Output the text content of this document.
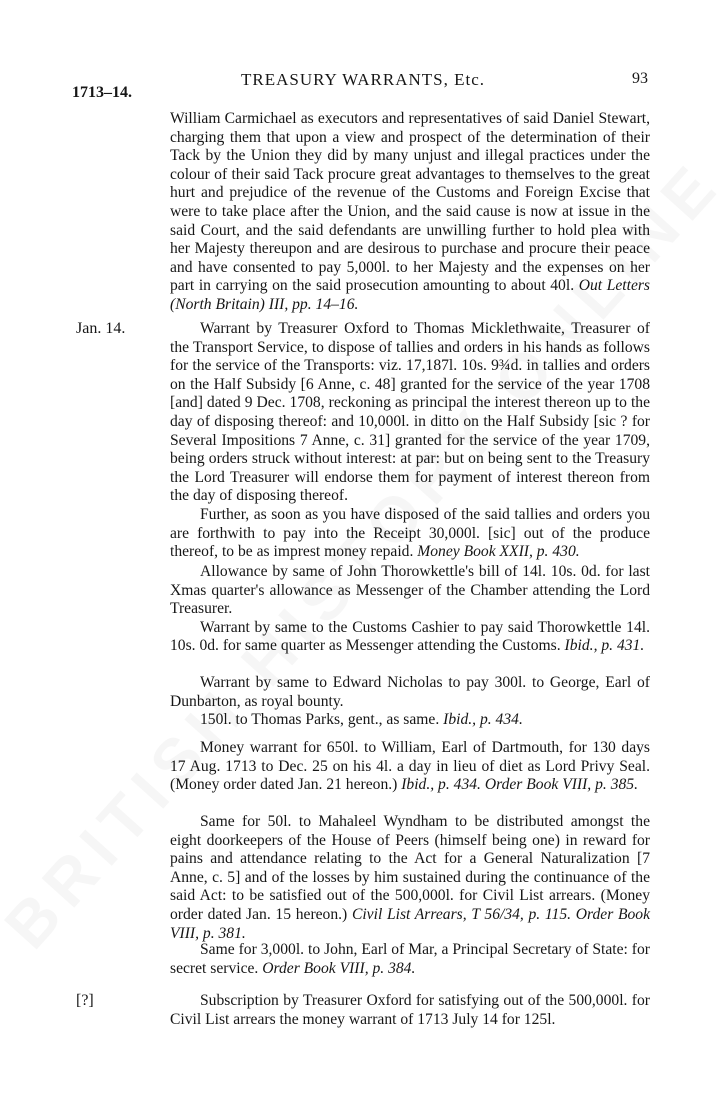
1713–14.
TREASURY WARRANTS, Etc.	93

William Carmichael as executors and representatives of said Daniel Stewart, charging them that upon a view and prospect of the determination of their Tack by the Union they did by many unjust and illegal practices under the colour of their said Tack procure great advantages to themselves to the great hurt and prejudice of the revenue of the Customs and Foreign Excise that were to take place after the Union, and the said cause is now at issue in the said Court, and the said defendants are unwilling further to hold plea with her Majesty thereupon and are desirous to purchase and procure their peace and have consented to pay 5,000l. to her Majesty and the expenses on her part in carrying on the said prosecution amounting to about 40l. Out Letters (North Britain) III, pp. 14–16.

Jan. 14.	Warrant by Treasurer Oxford to Thomas Micklethwaite, Treasurer of the Transport Service, to dispose of tallies and orders in his hands as follows for the service of the Transports: viz. 17,187l. 10s. 9¾d. in tallies and orders on the Half Subsidy [6 Anne, c. 48] granted for the service of the year 1708 [and] dated 9 Dec. 1708, reckoning as principal the interest thereon up to the day of disposing thereof: and 10,000l. in ditto on the Half Subsidy [sic ? for Several Impositions 7 Anne, c. 31] granted for the service of the year 1709, being orders struck without interest: at par: but on being sent to the Treasury the Lord Treasurer will endorse them for payment of interest thereon from the day of disposing thereof.

Further, as soon as you have disposed of the said tallies and orders you are forthwith to pay into the Receipt 30,000l. [sic] out of the produce thereof, to be as imprest money repaid. Money Book XXII, p. 430.

Allowance by same of John Thorowkettle's bill of 14l. 10s. 0d. for last Xmas quarter's allowance as Messenger of the Chamber attending the Lord Treasurer.

Warrant by same to the Customs Cashier to pay said Thorowkettle 14l. 10s. 0d. for same quarter as Messenger attending the Customs. Ibid., p. 431.

Warrant by same to Edward Nicholas to pay 300l. to George, Earl of Dunbarton, as royal bounty.

150l. to Thomas Parks, gent., as same. Ibid., p. 434.

Money warrant for 650l. to William, Earl of Dartmouth, for 130 days 17 Aug. 1713 to Dec. 25 on his 4l. a day in lieu of diet as Lord Privy Seal. (Money order dated Jan. 21 hereon.) Ibid., p. 434. Order Book VIII, p. 385.

Same for 50l. to Mahaleel Wyndham to be distributed amongst the eight doorkeepers of the House of Peers (himself being one) in reward for pains and attendance relating to the Act for a General Naturalization [7 Anne, c. 5] and of the losses by him sustained during the continuance of the said Act: to be satisfied out of the 500,000l. for Civil List arrears. (Money order dated Jan. 15 hereon.) Civil List Arrears, T 56/34, p. 115. Order Book VIII, p. 381.

Same for 3,000l. to John, Earl of Mar, a Principal Secretary of State: for secret service. Order Book VIII, p. 384.

[?]	Subscription by Treasurer Oxford for satisfying out of the 500,000l. for Civil List arrears the money warrant of 1713 July 14 for 125l.
